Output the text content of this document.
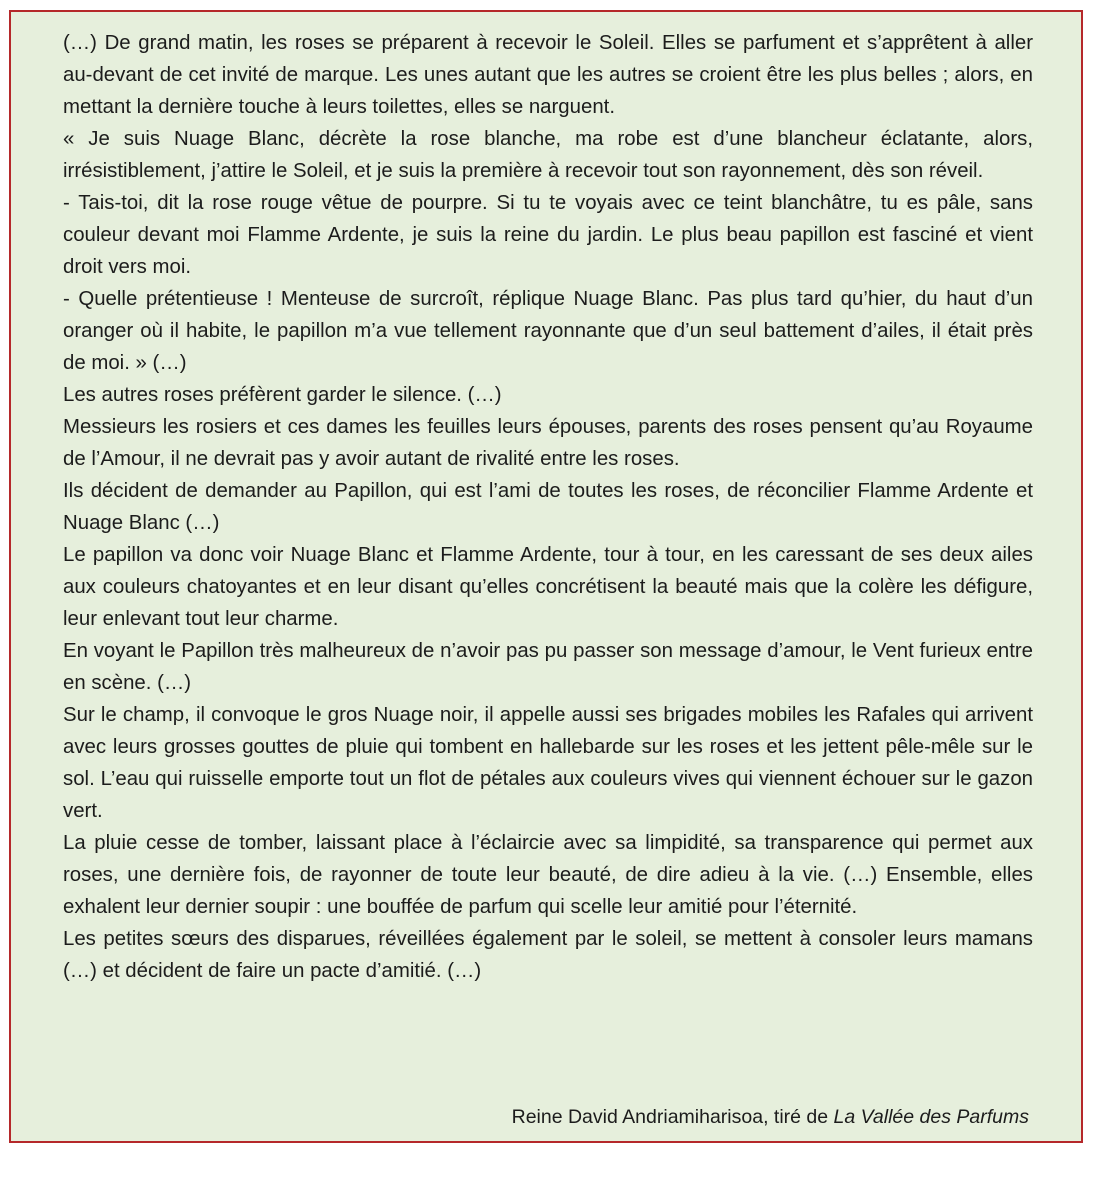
(…) De grand matin, les roses se préparent à recevoir le Soleil. Elles se parfument et s’apprêtent à aller au-devant de cet invité de marque. Les unes autant que les autres se croient être les plus belles ; alors, en mettant la dernière touche à leurs toilettes, elles se narguent.

« Je suis Nuage Blanc, décrète la rose blanche, ma robe est d’une blancheur éclatante, alors, irrésistiblement, j’attire le Soleil, et je suis la première à recevoir tout son rayonnement, dès son réveil.

- Tais-toi, dit la rose rouge vêtue de pourpre. Si tu te voyais avec ce teint blanchâtre, tu es pâle, sans couleur devant moi Flamme Ardente, je suis la reine du jardin. Le plus beau papillon est fasciné et vient droit vers moi.

- Quelle prétentieuse ! Menteuse de surcroît, réplique Nuage Blanc. Pas plus tard qu’hier, du haut d’un oranger où il habite, le papillon m’a vue tellement rayonnante que d’un seul battement d’ailes, il était près de moi. » (…)

Les autres roses préfèrent garder le silence. (…)

Messieurs les rosiers et ces dames les feuilles leurs épouses, parents des roses pensent qu’au Royaume de l’Amour, il ne devrait pas y avoir autant de rivalité entre les roses.

Ils décident de demander au Papillon, qui est l’ami de toutes les roses, de réconcilier Flamme Ardente et Nuage Blanc (…)

Le papillon va donc voir Nuage Blanc et Flamme Ardente, tour à tour, en les caressant de ses deux ailes aux couleurs chatoyantes et en leur disant qu’elles concrétisent la beauté mais que la colère les défigure, leur enlevant tout leur charme.

En voyant le Papillon très malheureux de n’avoir pas pu passer son message d’amour, le Vent furieux entre en scène. (…)

Sur le champ, il convoque le gros Nuage noir, il appelle aussi ses brigades mobiles les Rafales qui arrivent avec leurs grosses gouttes de pluie qui tombent en hallebarde sur les roses et les jettent pêle-mêle sur le sol. L’eau qui ruisselle emporte tout un flot de pétales aux couleurs vives qui viennent échouer sur le gazon vert.

La pluie cesse de tomber, laissant place à l’éclaircie avec sa limpidité, sa transparence qui permet aux roses, une dernière fois, de rayonner de toute leur beauté, de dire adieu à la vie. (…) Ensemble, elles exhalent leur dernier soupir : une bouffée de parfum qui scelle leur amitié pour l’éternité.

Les petites sœurs des disparues, réveillées également par le soleil, se mettent à consoler leurs mamans (…) et décident de faire un pacte d’amitié. (…)

Reine David Andriamiharisoa, tiré de La Vallée des Parfums
